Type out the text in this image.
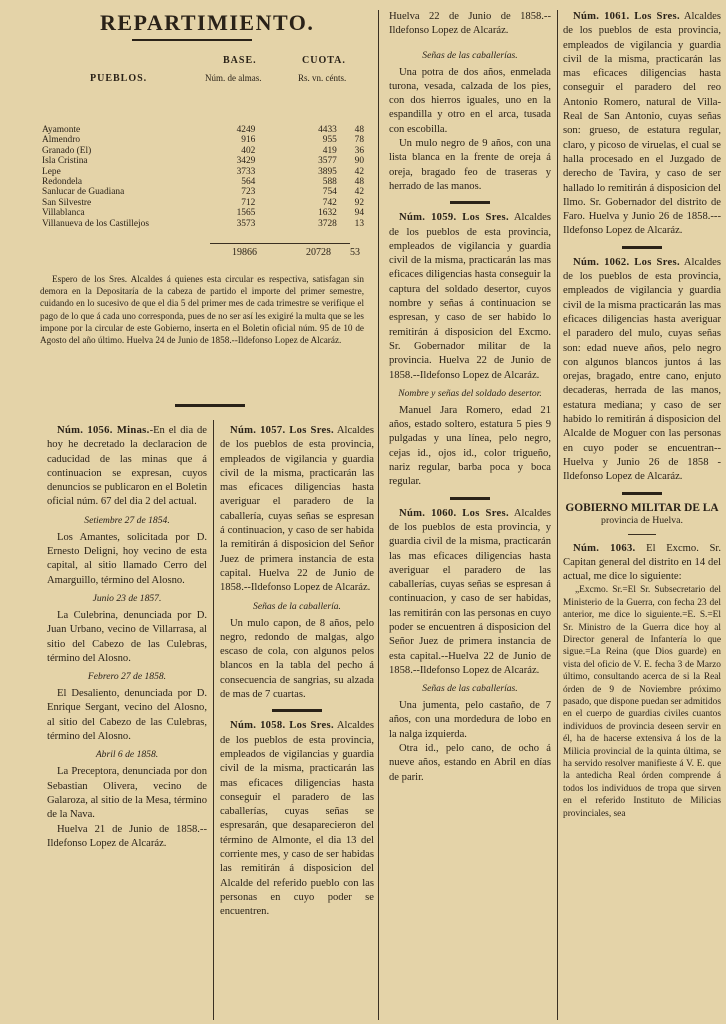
REPARTIMIENTO.
BASE.	CUOTA.
PUEBLOS.	Núm. de almas.	Rs. vn. cénts.
Ayamonte	4249	4433	48
Almendro	916	955	78
Granado (El)	402	419	36
Isla Cristina	3429	3577	90
Lepe	3733	3895	42
Redondela	564	588	48
Sanlucar de Guadiana	723	754	42
San Silvestre	712	742	92
Villablanca	1565	1632	94
Villanueva de los Castillejos	3573	3728	13
19866	20728 53

Espero de los Sres. Alcaldes á quienes esta circular es respectiva, satisfagan sin demora en la Depositaría de la cabeza de partido el importe del primer semestre, cuidando en lo sucesivo de que el dia 5 del primer mes de cada trimestre se verifique el pago de lo que á cada uno corresponda, pues de no ser así les exigiré la multa que se les impone por la circular de este Gobierno, inserta en el Boletin oficial núm. 95 de 10 de Agosto del año último. Huelva 24 de Junio de 1858.--Ildefonso Lopez de Alcaráz.

Núm. 1056. Minas.-En el dia de hoy he decretado la declaracion de caducidad de las minas que á continuacion se expresan, cuyos denuncios se publicaron en el Boletin oficial núm. 67 del dia 2 del actual.

Setiembre 27 de 1854.

Los Amantes, solicitada por D. Ernesto Deligni, hoy vecino de esta capital, al sitio llamado Cerro del Amarguillo, término del Alosno.

Junio 23 de 1857.

La Culebrina, denunciada por D. Juan Urbano, vecino de Villarrasa, al sitio del Cabezo de las Culebras, término del Alosno.

Febrero 27 de 1858.

El Desaliento, denunciada por D. Enrique Sergant, vecino del Alosno, al sitio del Cabezo de las Culebras, término del Alosno.

Abril 6 de 1858.

La Preceptora, denunciada por don Sebastian Olivera, vecino de Galaroza, al sitio de la Mesa, término de la Nava.

Huelva 21 de Junio de 1858.--Ildefonso Lopez de Alcaráz.

Núm. 1057. Los Sres. Alcaldes de los pueblos de esta provincia, empleados de vigilancia y guardia civil de la misma, practicarán las mas eficaces diligencias hasta averiguar el paradero de la caballería, cuyas señas se espresan á continuacion, y caso de ser habida la remitirán á disposicion del Señor Juez de primera instancia de esta capital. Huelva 22 de Junio de 1858.--Ildefonso Lopez de Alcaráz.

Señas de la caballería.

Un mulo capon, de 8 años, pelo negro, redondo de malgas, algo escaso de cola, con algunos pelos blancos en la tabla del pecho á consecuencia de sangrias, su alzada de mas de 7 cuartas.

Núm. 1058. Los Sres. Alcaldes de los pueblos de esta provincia, empleados de vigilancias y guardia civil de la misma, practicarán las mas eficaces diligencias hasta conseguir el paradero de las caballerías, cuyas señas se espresarán, que desaparecieron del término de Almonte, el dia 13 del corriente mes, y caso de ser habidas las remitirán á disposicion del Alcalde del referido pueblo con las personas en cuyo poder se encuentren.

Huelva 22 de Junio de 1858.--Ildefonso Lopez de Alcaráz.

Señas de las caballerías.

Una potra de dos años, enmelada turona, vesada, calzada de los pies, con dos hierros iguales, uno en la espandilla y otro en el arca, tusada con escobilla.

Un mulo negro de 9 años, con una lista blanca en la frente de oreja á oreja, bragado feo de traseras y herrado de las manos.

Núm. 1059. Los Sres. Alcaldes de los pueblos de esta provincia, empleados de vigilancia y guardia civil de la misma, practicarán las mas eficaces diligencias hasta conseguir la captura del soldado desertor, cuyos nombre y señas á continuacion se espresan, y caso de ser habido lo remitirán á disposicion del Excmo. Sr. Gobernador militar de la provincia. Huelva 22 de Junio de 1858.--Ildefonso Lopez de Alcaráz.

Nombre y señas del soldado desertor.

Manuel Jara Romero, edad 21 años, estado soltero, estatura 5 pies 9 pulgadas y una línea, pelo negro, cejas id., ojos id., color trigueño, nariz regular, barba poca y boca regular.

Núm. 1060. Los Sres. Alcaldes de los pueblos de esta provincia, y guardia civil de la misma, practicarán las mas eficaces diligencias hasta averiguar el paradero de las caballerías, cuyas señas se espresan á continuacion, y caso de ser habidas, las remitirán con las personas en cuyo poder se encuentren á disposicion del Señor Juez de primera instancia de esta capital.--Huelva 22 de Junio de 1858.--Ildefonso Lopez de Alcaráz.

Señas de las caballerías.

Una jumenta, pelo castaño, de 7 años, con una mordedura de lobo en la nalga izquierda.

Otra id., pelo cano, de ocho á nueve años, estando en Abril en días de parir.

Núm. 1061. Los Sres. Alcaldes de los pueblos de esta provincia, empleados de vigilancia y guardia civil de la misma, practicarán las mas eficaces diligencias hasta conseguir el paradero del reo Antonio Romero, natural de Villa-Real de San Antonio, cuyas señas son: grueso, de estatura regular, claro, y picoso de viruelas, el cual se halla procesado en el Juzgado de derecho de Tavira, y caso de ser hallado lo remitirán á disposicion del Ilmo. Sr. Gobernador del distrito de Faro. Huelva y Junio 26 de 1858.---Ildefonso Lopez de Alcaráz.

Núm. 1062. Los Sres. Alcaldes de los pueblos de esta provincia, empleados de vigilancia y guardia civil de la misma practicarán las mas eficaces diligencias hasta averiguar el paradero del mulo, cuyas señas son: edad nueve años, pelo negro con algunos blancos juntos á las orejas, bragado, entre cano, enjuto decaderas, herrada de las manos, estatura mediana; y caso de ser habido lo remitirán á disposicion del Alcalde de Moguer con las personas en cuyo poder se encuentran-- Huelva y Junio 26 de 1858 -Ildefonso Lopez de Alcaráz.

GOBIERNO MILITAR DE LA

provincia de Huelva.

Núm. 1063. El Excmo. Sr. Capitan general del distrito en 14 del actual, me dice lo siguiente:

„Excmo. Sr.=El Sr. Subsecretario del Ministerio de la Guerra, con fecha 23 del anterior, me dice lo siguiente.=E. S.=El Sr. Ministro de la Guerra dice hoy al Director general de Infantería lo que sigue.=La Reina (que Dios guarde) en vista del oficio de V. E. fecha 3 de Marzo último, consultando acerca de si la Real órden de 9 de Noviembre próximo pasado, que dispone puedan ser admitidos en el cuerpo de guardias civiles cuantos individuos de provincia deseen servir en él, ha de hacerse extensiva á los de la Milicia provincial de la quinta última, se ha servido resolver manifieste á V. E. que la antedicha Real órden comprende á todos los individuos de tropa que sirven en el referido Instituto de Milicias provinciales, sea
